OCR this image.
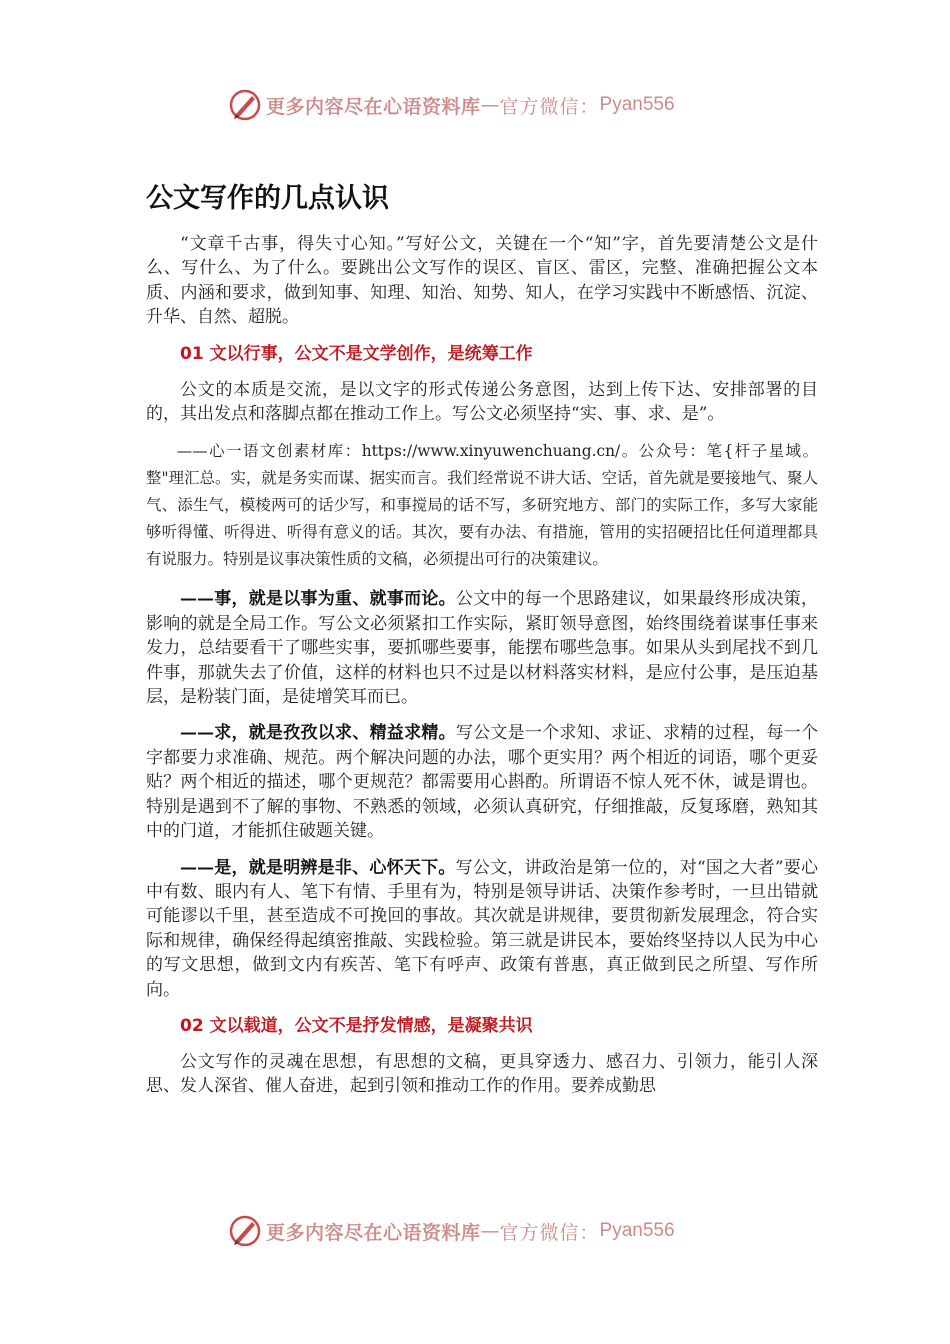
更多内容尽在心语资料库 — 官方微信： Pyan556
公文写作的几点认识

“文章千古事，得失寸心知。”写好公文，关键在一个“知”字，首先要清楚公文是什么、写什么、为了什么。要跳出公文写作的误区、盲区、雷区，完整、准确把握公文本质、内涵和要求，做到知事、知理、知治、知势、知人，在学习实践中不断感悟、沉淀、升华、自然、超脱。

01 文以行事，公文不是文学创作，是统筹工作

公文的本质是交流，是以文字的形式传递公务意图，达到上传下达、安排部署的目的，其出发点和落脚点都在推动工作上。写公文必须坚持“实、事、求、是”。

——心一语文创素材库：https://www.xinyuwenchuang.cn/。公众号：笔{杆子星域。整"理汇总。实，就是务实而谋、据实而言。我们经常说不讲大话、空话，首先就是要接地气、聚人气、添生气，模棱两可的话少写，和事搅局的话不写，多研究地方、部门的实际工作，多写大家能够听得懂、听得进、听得有意义的话。其次，要有办法、有措施，管用的实招硬招比任何道理都具有说服力。特别是议事决策性质的文稿，必须提出可行的决策建议。

——事，就是以事为重、就事而论。公文中的每一个思路建议，如果最终形成决策，影响的就是全局工作。写公文必须紧扣工作实际，紧盯领导意图，始终围绕着谋事任事来发力，总结要看干了哪些实事，要抓哪些要事，能摆布哪些急事。如果从头到尾找不到几件事，那就失去了价值，这样的材料也只不过是以材料落实材料，是应付公事，是压迫基层，是粉装门面，是徒增笑耳而已。

——求，就是孜孜以求、精益求精。写公文是一个求知、求证、求精的过程，每一个字都要力求准确、规范。两个解决问题的办法，哪个更实用？两个相近的词语，哪个更妥贴？两个相近的描述，哪个更规范？都需要用心斟酌。所谓语不惊人死不休，诚是谓也。特别是遇到不了解的事物、不熟悉的领域，必须认真研究，仔细推敲，反复琢磨，熟知其中的门道，才能抓住破题关键。

——是，就是明辨是非、心怀天下。写公文，讲政治是第一位的，对“国之大者”要心中有数、眼内有人、笔下有情、手里有为，特别是领导讲话、决策作参考时，一旦出错就可能谬以千里，甚至造成不可挽回的事故。其次就是讲规律，要贯彻新发展理念，符合实际和规律，确保经得起缜密推敲、实践检验。第三就是讲民本，要始终坚持以人民为中心的写文思想，做到文内有疾苦、笔下有呼声、政策有普惠，真正做到民之所望、写作所向。

02 文以载道，公文不是抒发情感，是凝聚共识

公文写作的灵魂在思想，有思想的文稿，更具穿透力、感召力、引领力，能引人深思、发人深省、催人奋进，起到引领和推动工作的作用。要养成勤思

更多内容尽在心语资料库 — 官方微信： Pyan556
